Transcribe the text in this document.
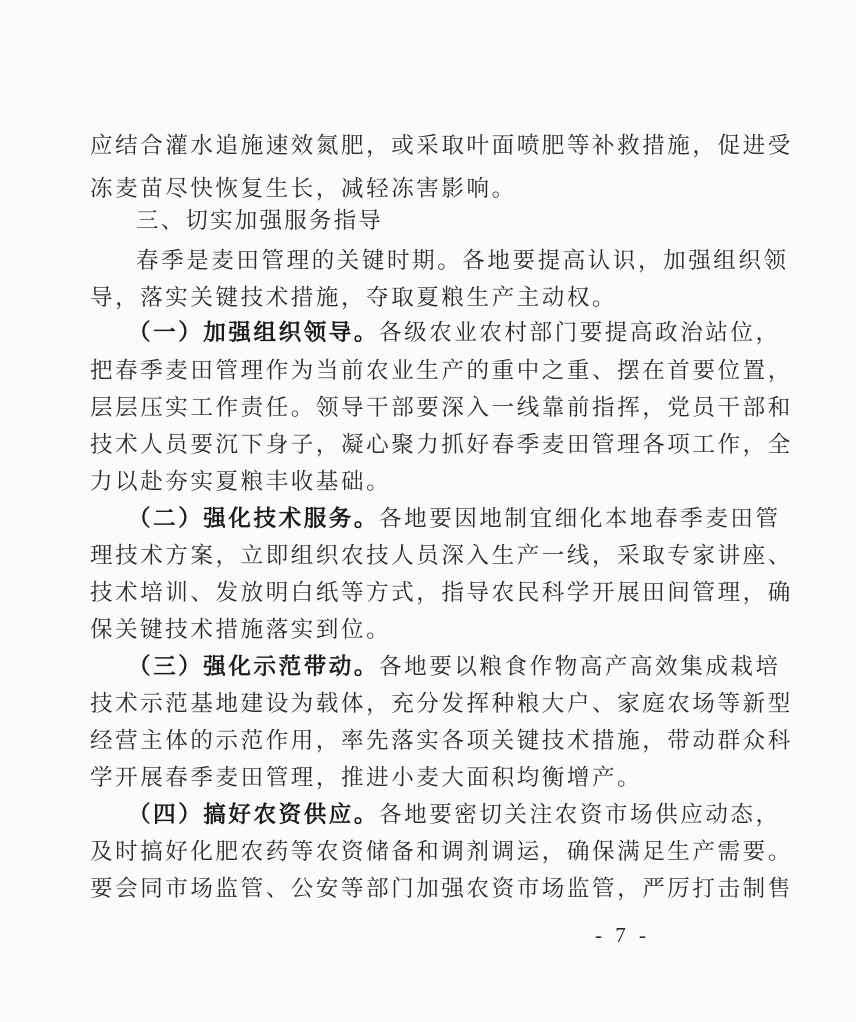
应结合灌水追施速效氮肥，或采取叶面喷肥等补救措施，促进受
冻麦苗尽快恢复生长，减轻冻害影响。
三、切实加强服务指导
春季是麦田管理的关键时期。各地要提高认识，加强组织领
导，落实关键技术措施，夺取夏粮生产主动权。
（一）加强组织领导。各级农业农村部门要提高政治站位，
把春季麦田管理作为当前农业生产的重中之重、摆在首要位置，
层层压实工作责任。领导干部要深入一线靠前指挥，党员干部和
技术人员要沉下身子，凝心聚力抓好春季麦田管理各项工作，全
力以赴夯实夏粮丰收基础。
（二）强化技术服务。各地要因地制宜细化本地春季麦田管
理技术方案，立即组织农技人员深入生产一线，采取专家讲座、
技术培训、发放明白纸等方式，指导农民科学开展田间管理，确
保关键技术措施落实到位。
（三）强化示范带动。各地要以粮食作物高产高效集成栽培
技术示范基地建设为载体，充分发挥种粮大户、家庭农场等新型
经营主体的示范作用，率先落实各项关键技术措施，带动群众科
学开展春季麦田管理，推进小麦大面积均衡增产。
（四）搞好农资供应。各地要密切关注农资市场供应动态，
及时搞好化肥农药等农资储备和调剂调运，确保满足生产需要。
要会同市场监管、公安等部门加强农资市场监管，严厉打击制售
- 7 -
